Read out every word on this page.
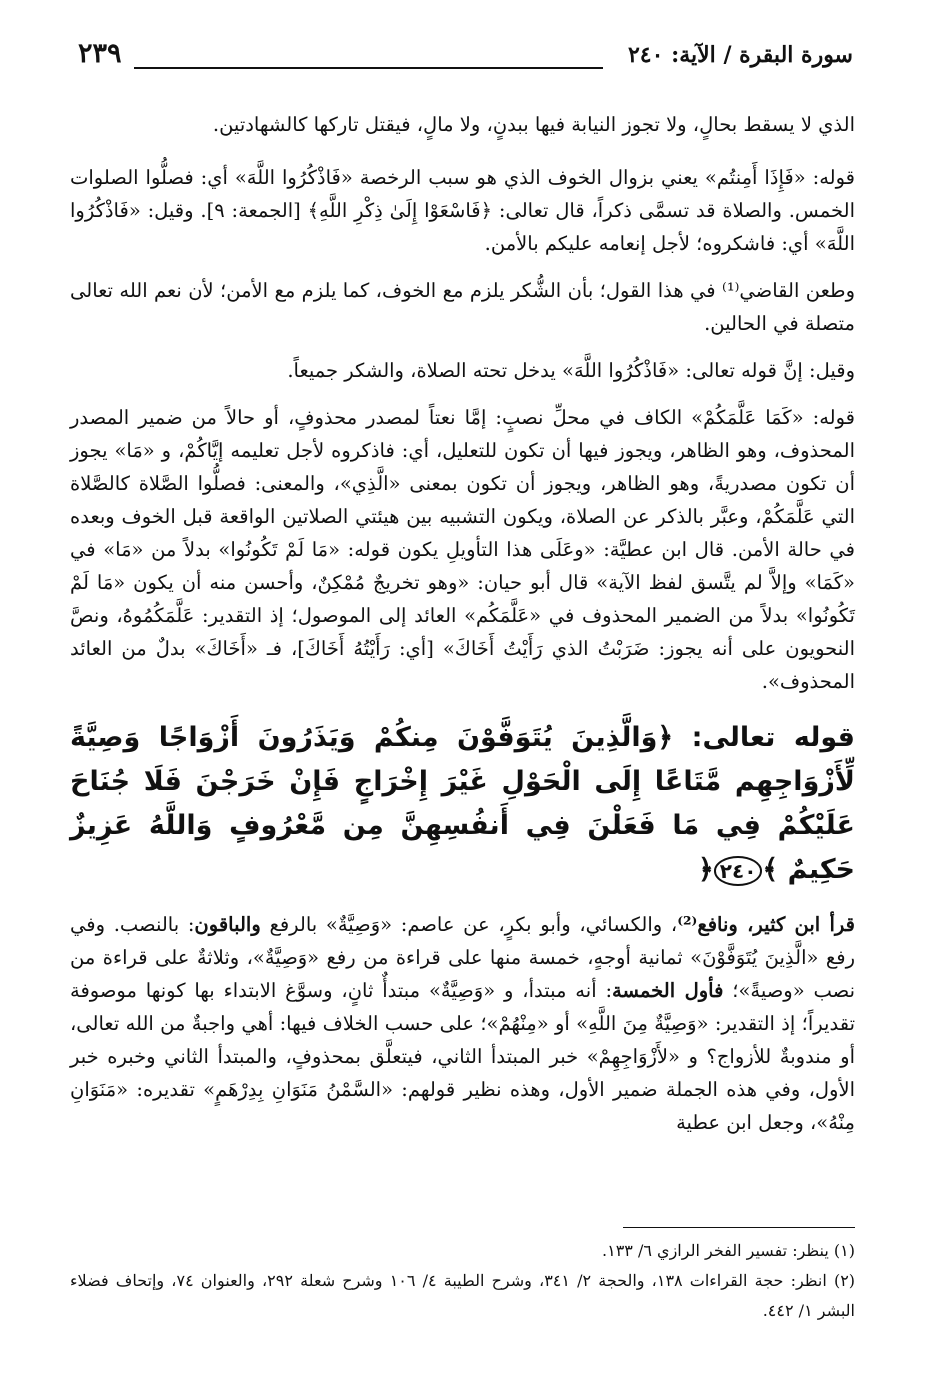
٢٣٩	سورة البقرة / الآية: ٢٤٠

الذي لا يسقط بحالٍ، ولا تجوز النيابة فيها ببدنٍ، ولا مالٍ، فيقتل تاركها كالشهادتين.

قوله: «فَإِذَا أَمِنتُم» يعني بزوال الخوف الذي هو سبب الرخصة «فَاذْكُرُوا اللَّهَ» أي: فصلُّوا الصلوات الخمس. والصلاة قد تسمَّى ذكراً، قال تعالى: ﴿فَاسْعَوْا إِلَىٰ ذِكْرِ اللَّهِ﴾ [الجمعة: ٩]. وقيل: «فَاذْكُرُوا اللَّهَ» أي: فاشكروه؛ لأجل إنعامه عليكم بالأمن.

وطعن القاضي⁽¹⁾ في هذا القول؛ بأن الشُّكر يلزم مع الخوف، كما يلزم مع الأمن؛ لأن نعم الله تعالى متصلة في الحالين.

وقيل: إنَّ قوله تعالى: «فَاذْكُرُوا اللَّهَ» يدخل تحته الصلاة، والشكر جميعاً.

قوله: «كَمَا عَلَّمَكُمْ» الكاف في محلِّ نصبٍ: إمَّا نعتاً لمصدر محذوفٍ، أو حالاً من ضمير المصدر المحذوف، وهو الظاهر، ويجوز فيها أن تكون للتعليل، أي: فاذكروه لأجل تعليمه إيَّاكُمْ، و «مَا» يجوز أن تكون مصدريةً، وهو الظاهر، ويجوز أن تكون بمعنى «الَّذِي»، والمعنى: فصلُّوا الصَّلاة كالصَّلاة التي عَلَّمَكُمْ، وعبَّر بالذكر عن الصلاة، ويكون التشبيه بين هيئتي الصلاتين الواقعة قبل الخوف وبعده في حالة الأمن. قال ابن عطيَّة: «وعَلَى هذا التأويلِ يكون قوله: «مَا لَمْ تَكُونُوا» بدلاً من «مَا» في «كَمَا» وإلاَّ لم يتَّسق لفظ الآية» قال أبو حيان: «وهو تخريجٌ مُمْكِنٌ، وأحسن منه أن يكون «مَا لَمْ تَكُونُوا» بدلاً من الضمير المحذوف في «عَلَّمَكُم» العائد إلى الموصول؛ إذ التقدير: عَلَّمَكُمُوهُ، ونصَّ النحويون على أنه يجوز: ضَرَبْتُ الذي رَأَيْتُ أَخَاكَ» [أي: رَأَيْتُهُ أَخَاكَ]، فـ «أَخَاكَ» بدلٌ من العائد المحذوف».

قوله تعالى: ﴿وَالَّذِينَ يُتَوَفَّوْنَ مِنكُمْ وَيَذَرُونَ أَزْوَاجًا وَصِيَّةً لِّأَزْوَاجِهِم مَّتَاعًا إِلَى الْحَوْلِ غَيْرَ إِخْرَاجٍ فَإِنْ خَرَجْنَ فَلَا جُنَاحَ عَلَيْكُمْ فِي مَا فَعَلْنَ فِي أَنفُسِهِنَّ مِن مَّعْرُوفٍ وَاللَّهُ عَزِيزٌ حَكِيمٌ ﴾٢٤٠﴿

قرأ ابن كثير، ونافع⁽²⁾، والكسائي، وأبو بكرٍ، عن عاصم: «وَصِيَّةٌ» بالرفع والباقون: بالنصب. وفي رفع «الَّذِينَ يُتَوَفَّوْنَ» ثمانية أوجهٍ، خمسة منها على قراءة من رفع «وَصِيَّةٌ»، وثلاثةٌ على قراءة من نصب «وصيةً»؛ فأول الخمسة: أنه مبتدأ، و «وَصِيَّةٌ» مبتدأٌ ثانٍ، وسوَّغ الابتداء بها كونها موصوفة تقديراً؛ إذ التقدير: «وَصِيَّةٌ مِنَ اللَّهِ» أو «مِنْهُمْ»؛ على حسب الخلاف فيها: أهي واجبةٌ من الله تعالى، أو مندوبةٌ للأزواج؟ و «لأَزْوَاجِهِمْ» خبر المبتدأ الثاني، فيتعلَّق بمحذوفٍ، والمبتدأ الثاني وخبره خبر الأول، وفي هذه الجملة ضمير الأول، وهذه نظير قولهم: «السَّمْنُ مَنَوَانِ بِدِرْهَمٍ» تقديره: «مَنَوَانِ مِنْهُ»، وجعل ابن عطية

(١) ينظر: تفسير الفخر الرازي ٦/ ١٣٣.

(٢) انظر: حجة القراءات ١٣٨، والحجة ٢/ ٣٤١، وشرح الطيبة ٤/ ١٠٦ وشرح شعلة ٢٩٢، والعنوان ٧٤، وإتحاف فضلاء البشر ١/ ٤٤٢.
